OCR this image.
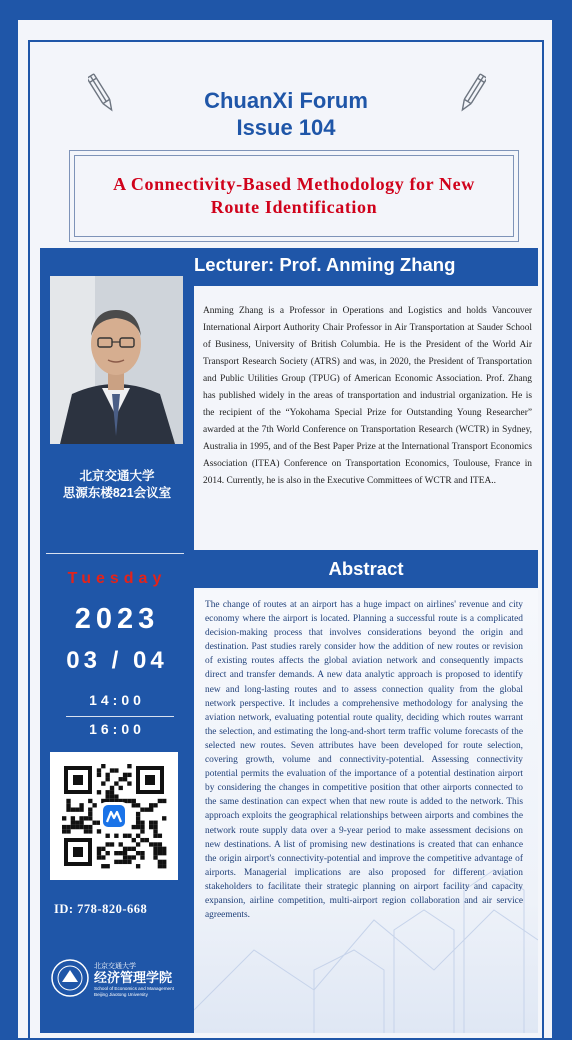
ChuanXi Forum
Issue 104
A Connectivity-Based Methodology for New
Route Identification
北京交通大学
思源东楼821会议室
Tuesday
2023
03 / 04
14:00
16:00
ID: 778-820-668
北京交通大学
经济管理学院
School of Economics and Management
Beijing Jiaotong University
Lecturer: Prof. Anming Zhang
Anming Zhang is a Professor in Operations and Logistics and holds Vancouver International Airport Authority Chair Professor in Air Transportation at Sauder School of Business, University of British Columbia. He is the President of the World Air Transport Research Society (ATRS) and was, in 2020, the President of Transportation and Public Utilities Group (TPUG) of American Economic Association. Prof. Zhang has published widely in the areas of transportation and industrial organization. He is the recipient of the “Yokohama Special Prize for Outstanding Young Researcher” awarded at the 7th World Conference on Transportation Research (WCTR) in Sydney, Australia in 1995, and of the Best Paper Prize at the International Transport Economics Association (ITEA) Conference on Transportation Economics, Toulouse, France in 2014. Currently, he is also in the Executive Committees of WCTR and ITEA..
Abstract
The change of routes at an airport has a huge impact on airlines' revenue and city economy where the airport is located. Planning a successful route is a complicated decision-making process that involves considerations beyond the origin and destination. Past studies rarely consider how the addition of new routes or revision of existing routes affects the global aviation network and consequently impacts direct and transfer demands. A new data analytic approach is proposed to identify new and long-lasting routes and to assess connection quality from the global network perspective. It includes a comprehensive methodology for analysing the aviation network, evaluating potential route quality, deciding which routes warrant the selection, and estimating the long-and-short term traffic volume forecasts of the selected new routes. Seven attributes have been developed for route selection, covering growth, volume and connectivity-potential. Assessing connectivity potential permits the evaluation of the importance of a potential destination airport by considering the changes in competitive position that other airports connected to the same destination can expect when that new route is added to the network. This approach exploits the geographical relationships between airports and combines the network route supply data over a 9-year period to make assessment decisions on new destinations. A list of promising new destinations is created that can enhance the origin airport's connectivity-potential and improve the competitive advantage of airports. Managerial implications are also proposed for different aviation stakeholders to facilitate their strategic planning on airport facility and capacity expansion, airline competition, multi-airport region collaboration and air service agreements.
